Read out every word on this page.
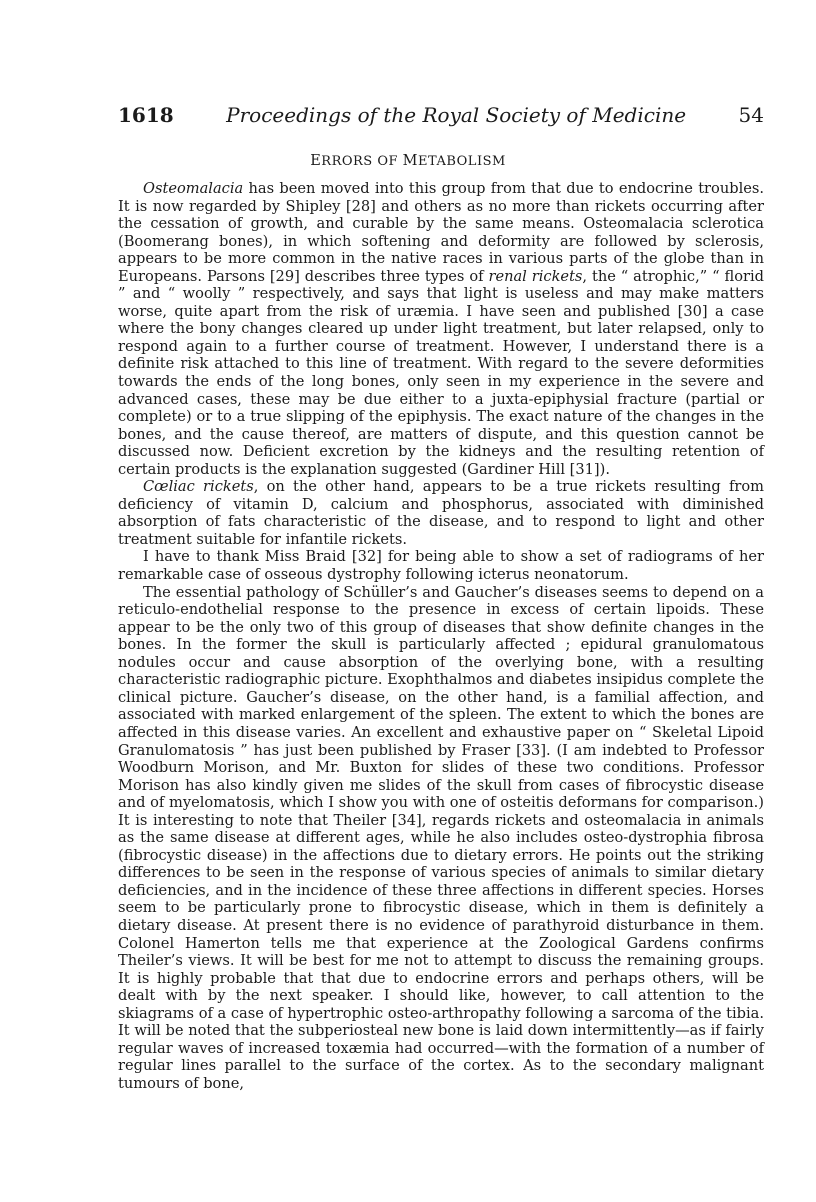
1618	Proceedings of the Royal Society of Medicine	54
ERRORS OF METABOLISM

Osteomalacia has been moved into this group from that due to endocrine troubles. It is now regarded by Shipley [28] and others as no more than rickets occurring after the cessation of growth, and curable by the same means. Osteomalacia sclerotica (Boomerang bones), in which softening and deformity are followed by sclerosis, appears to be more common in the native races in various parts of the globe than in Europeans. Parsons [29] describes three types of renal rickets, the “ atrophic,” “ florid ” and “ woolly ” respectively, and says that light is useless and may make matters worse, quite apart from the risk of uræmia. I have seen and published [30] a case where the bony changes cleared up under light treatment, but later relapsed, only to respond again to a further course of treatment. However, I understand there is a definite risk attached to this line of treatment. With regard to the severe deformities towards the ends of the long bones, only seen in my experience in the severe and advanced cases, these may be due either to a juxta-epiphysial fracture (partial or complete) or to a true slipping of the epiphysis. The exact nature of the changes in the bones, and the cause thereof, are matters of dispute, and this question cannot be discussed now. Deficient excretion by the kidneys and the resulting retention of certain products is the explanation suggested (Gardiner Hill [31]).

Cœliac rickets, on the other hand, appears to be a true rickets resulting from deficiency of vitamin D, calcium and phosphorus, associated with diminished absorption of fats characteristic of the disease, and to respond to light and other treatment suitable for infantile rickets.

I have to thank Miss Braid [32] for being able to show a set of radiograms of her remarkable case of osseous dystrophy following icterus neonatorum.

The essential pathology of Schüller’s and Gaucher’s diseases seems to depend on a reticulo-endothelial response to the presence in excess of certain lipoids. These appear to be the only two of this group of diseases that show definite changes in the bones. In the former the skull is particularly affected ; epidural granulomatous nodules occur and cause absorption of the overlying bone, with a resulting characteristic radiographic picture. Exophthalmos and diabetes insipidus complete the clinical picture. Gaucher’s disease, on the other hand, is a familial affection, and associated with marked enlargement of the spleen. The extent to which the bones are affected in this disease varies. An excellent and exhaustive paper on “ Skeletal Lipoid Granulomatosis ” has just been published by Fraser [33]. (I am indebted to Professor Woodburn Morison, and Mr. Buxton for slides of these two conditions. Professor Morison has also kindly given me slides of the skull from cases of fibrocystic disease and of myelomatosis, which I show you with one of osteitis deformans for comparison.) It is interesting to note that Theiler [34], regards rickets and osteomalacia in animals as the same disease at different ages, while he also includes osteo-dystrophia fibrosa (fibrocystic disease) in the affections due to dietary errors. He points out the striking differences to be seen in the response of various species of animals to similar dietary deficiencies, and in the incidence of these three affections in different species. Horses seem to be particularly prone to fibrocystic disease, which in them is definitely a dietary disease. At present there is no evidence of parathyroid disturbance in them. Colonel Hamerton tells me that experience at the Zoological Gardens confirms Theiler’s views. It will be best for me not to attempt to discuss the remaining groups. It is highly probable that that due to endocrine errors and perhaps others, will be dealt with by the next speaker. I should like, however, to call attention to the skiagrams of a case of hypertrophic osteo-arthropathy following a sarcoma of the tibia. It will be noted that the subperiosteal new bone is laid down intermittently—as if fairly regular waves of increased toxæmia had occurred—with the formation of a number of regular lines parallel to the surface of the cortex. As to the secondary malignant tumours of bone,
